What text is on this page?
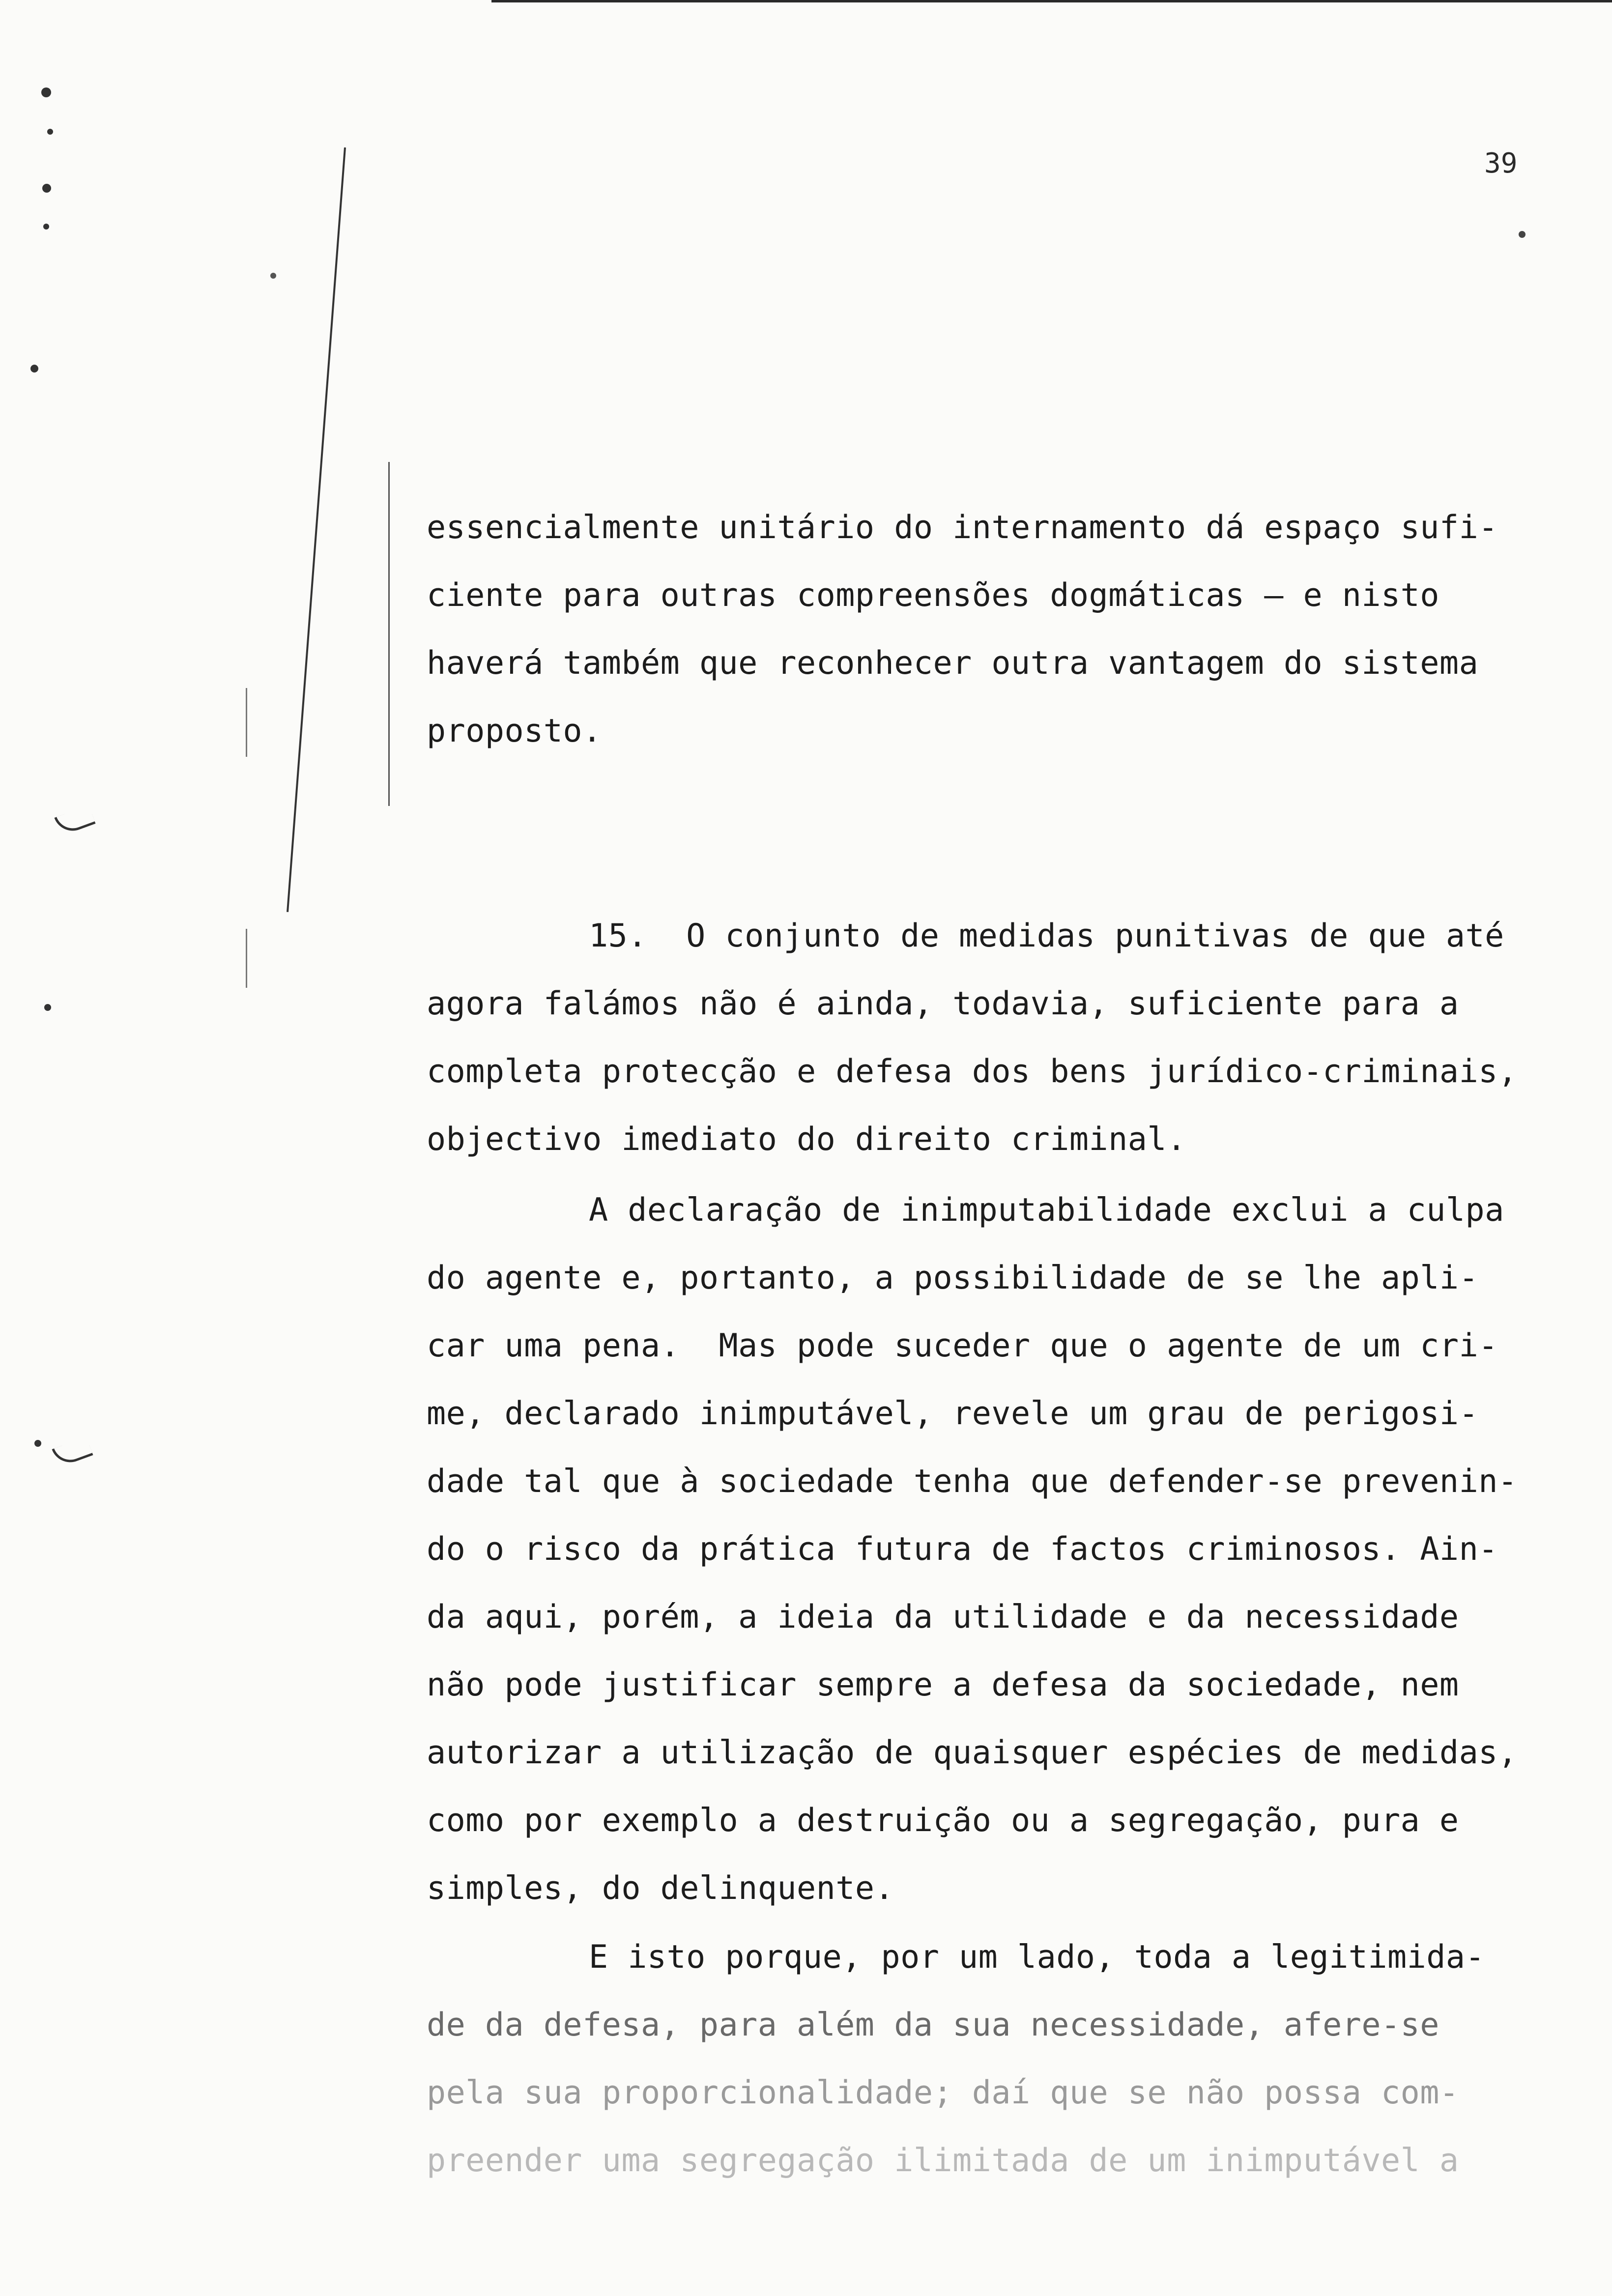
39
essencialmente unitário do internamento dá espaço sufi-
ciente para outras compreensões dogmáticas — e nisto
haverá também que reconhecer outra vantagem do sistema
proposto.
15.  O conjunto de medidas punitivas de que até
agora falámos não é ainda, todavia, suficiente para a
completa protecção e defesa dos bens jurídico-criminais,
objectivo imediato do direito criminal.
A declaração de inimputabilidade exclui a culpa
do agente e, portanto, a possibilidade de se lhe apli-
car uma pena.  Mas pode suceder que o agente de um cri-
me, declarado inimputável, revele um grau de perigosi-
dade tal que à sociedade tenha que defender-se prevenin-
do o risco da prática futura de factos criminosos. Ain-
da aqui, porém, a ideia da utilidade e da necessidade
não pode justificar sempre a defesa da sociedade, nem
autorizar a utilização de quaisquer espécies de medidas,
como por exemplo a destruição ou a segregação, pura e
simples, do delinquente.
E isto porque, por um lado, toda a legitimida-
de da defesa, para além da sua necessidade, afere-se
pela sua proporcionalidade; daí que se não possa com-
preender uma segregação ilimitada de um inimputável a
